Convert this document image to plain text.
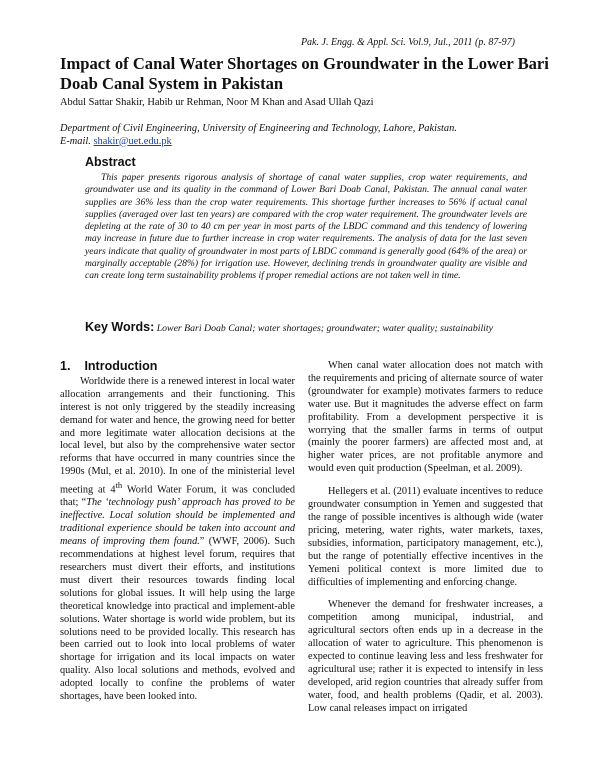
Pak. J. Engg. & Appl. Sci. Vol.9, Jul., 2011 (p. 87-97)
Impact of Canal Water Shortages on Groundwater in the Lower Bari Doab Canal System in Pakistan
Abdul Sattar Shakir, Habib ur Rehman, Noor M Khan and Asad Ullah Qazi
Department of Civil Engineering, University of Engineering and Technology, Lahore, Pakistan.
E-mail. shakir@uet.edu.pk
Abstract

This paper presents rigorous analysis of shortage of canal water supplies, crop water requirements, and groundwater use and its quality in the command of Lower Bari Doab Canal, Pakistan. The annual canal water supplies are 36% less than the crop water requirements. This shortage further increases to 56% if actual canal supplies (averaged over last ten years) are compared with the crop water requirement. The groundwater levels are depleting at the rate of 30 to 40 cm per year in most parts of the LBDC command and this tendency of lowering may increase in future due to further increase in crop water requirements. The analysis of data for the last seven years indicate that quality of groundwater in most parts of LBDC command is generally good (64% of the area) or marginally acceptable (28%) for irrigation use. However, declining trends in groundwater quality are visible and can create long term sustainability problems if proper remedial actions are not taken well in time.

Key Words: Lower Bari Doab Canal; water shortages; groundwater; water quality; sustainability
1. Introduction

Worldwide there is a renewed interest in local water allocation arrangements and their functioning. This interest is not only triggered by the steadily increasing demand for water and hence, the growing need for better and more legitimate water allocation decisions at the local level, but also by the comprehensive water sector reforms that have occurred in many countries since the 1990s (Mul, et al. 2010). In one of the ministerial level meeting at 4th World Water Forum, it was concluded that; “The ‘technology push’ approach has proved to be ineffective. Local solution should be implemented and traditional experience should be taken into account and means of improving them found.” (WWF, 2006). Such recommendations at highest level forum, requires that researchers must divert their efforts, and institutions must divert their resources towards finding local solutions for global issues. It will help using the large theoretical knowledge into practical and implement-able solutions. Water shortage is world wide problem, but its solutions need to be provided locally. This research has been carried out to look into local problems of water shortage for irrigation and its local impacts on water quality. Also local solutions and methods, evolved and adopted locally to confine the problems of water shortages, have been looked into.

When canal water allocation does not match with the requirements and pricing of alternate source of water (groundwater for example) motivates farmers to reduce water use. But it magnitudes the adverse effect on farm profitability. From a development perspective it is worrying that the smaller farms in terms of output (mainly the poorer farmers) are affected most and, at higher water prices, are not profitable anymore and would even quit production (Speelman, et al. 2009).

Hellegers et al. (2011) evaluate incentives to reduce groundwater consumption in Yemen and suggested that the range of possible incentives is although wide (water pricing, metering, water rights, water markets, taxes, subsidies, information, participatory management, etc.), but the range of potentially effective incentives in the Yemeni political context is more limited due to difficulties of implementing and enforcing change.

Whenever the demand for freshwater increases, a competition among municipal, industrial, and agricultural sectors often ends up in a decrease in the allocation of water to agriculture. This phenomenon is expected to continue leaving less and less freshwater for agricultural use; rather it is expected to intensify in less developed, arid region countries that already suffer from water, food, and health problems (Qadir, et al. 2003). Low canal releases impact on irrigated
